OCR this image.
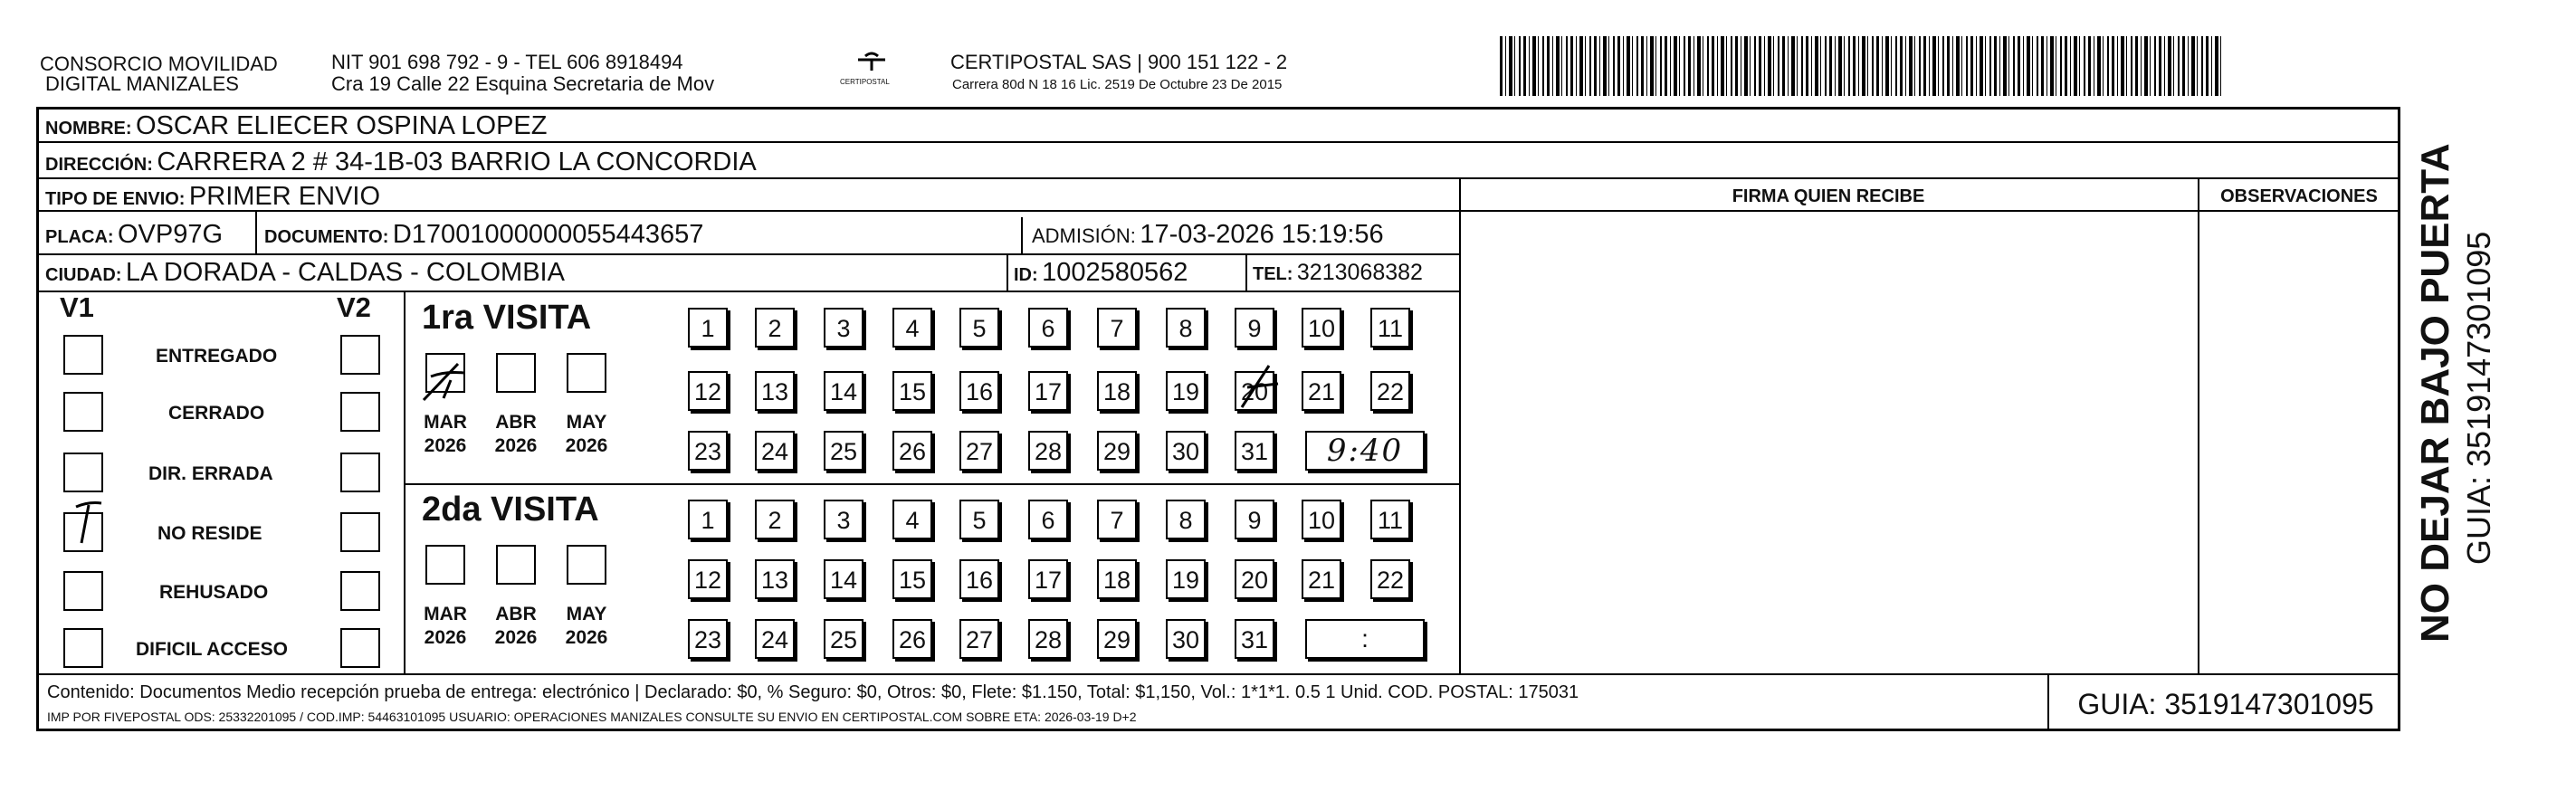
CONSORCIO MOVILIDAD
DIGITAL MANIZALES
NIT 901 698 792 - 9 - TEL 606 8918494
Cra 19 Calle 22 Esquina Secretaria de Mov	CERTIPOSTAL
CERTIPOSTAL SAS | 900 151 122 - 2
Carrera 80d N 18 16 Lic. 2519 De Octubre 23 De 2015
NOMBRE: OSCAR ELIECER OSPINA LOPEZ
DIRECCIÓN: CARRERA 2 # 34-1B-03 BARRIO LA CONCORDIA
TIPO DE ENVIO: PRIMER ENVIO	FIRMA QUIEN RECIBE	OBSERVACIONES
PLACA: OVP97G DOCUMENTO: D17001000000055443657	ADMISIÓN: 17-03-2026 15:19:56
CIUDAD: LA DORADA - CALDAS - COLOMBIA	ID: 1002580562	TEL: 3213068382
V1	V2
ENTREGADO
CERRADO
DIR. ERRADA
NO RESIDE
REHUSADO
DIFICIL ACCESO
1ra VISITA
2da VISITA
MAR
2026
ABR
2026
MAY
2026
MAR
2026
ABR
2026
MAY
2026
1	2	3	4	5	6	7	8	9	10 11
12 13 14 15 16 17 18 19 20 21 22
23 24 25 26 27 28 29 30 31
1	2	3	4	5	6	7	8	9	10 11
12 13 14 15 16 17 18 19 20 21 22
23 24 25 26 27 28 29 30 31
9:40
:
Contenido: Documentos Medio recepción prueba de entrega: electrónico | Declarado: $0, % Seguro: $0, Otros: $0, Flete: $1.150, Total: $1,150, Vol.: 1*1*1. 0.5 1 Unid. COD. POSTAL: 175031
IMP POR FIVEPOSTAL ODS: 25332201095 / COD.IMP: 54463101095 USUARIO: OPERACIONES MANIZALES CONSULTE SU ENVIO EN CERTIPOSTAL.COM SOBRE ETA: 2026-03-19 D+2	GUIA: 3519147301095
NO DEJAR BAJO PUERTA GUIA: 3519147301095
